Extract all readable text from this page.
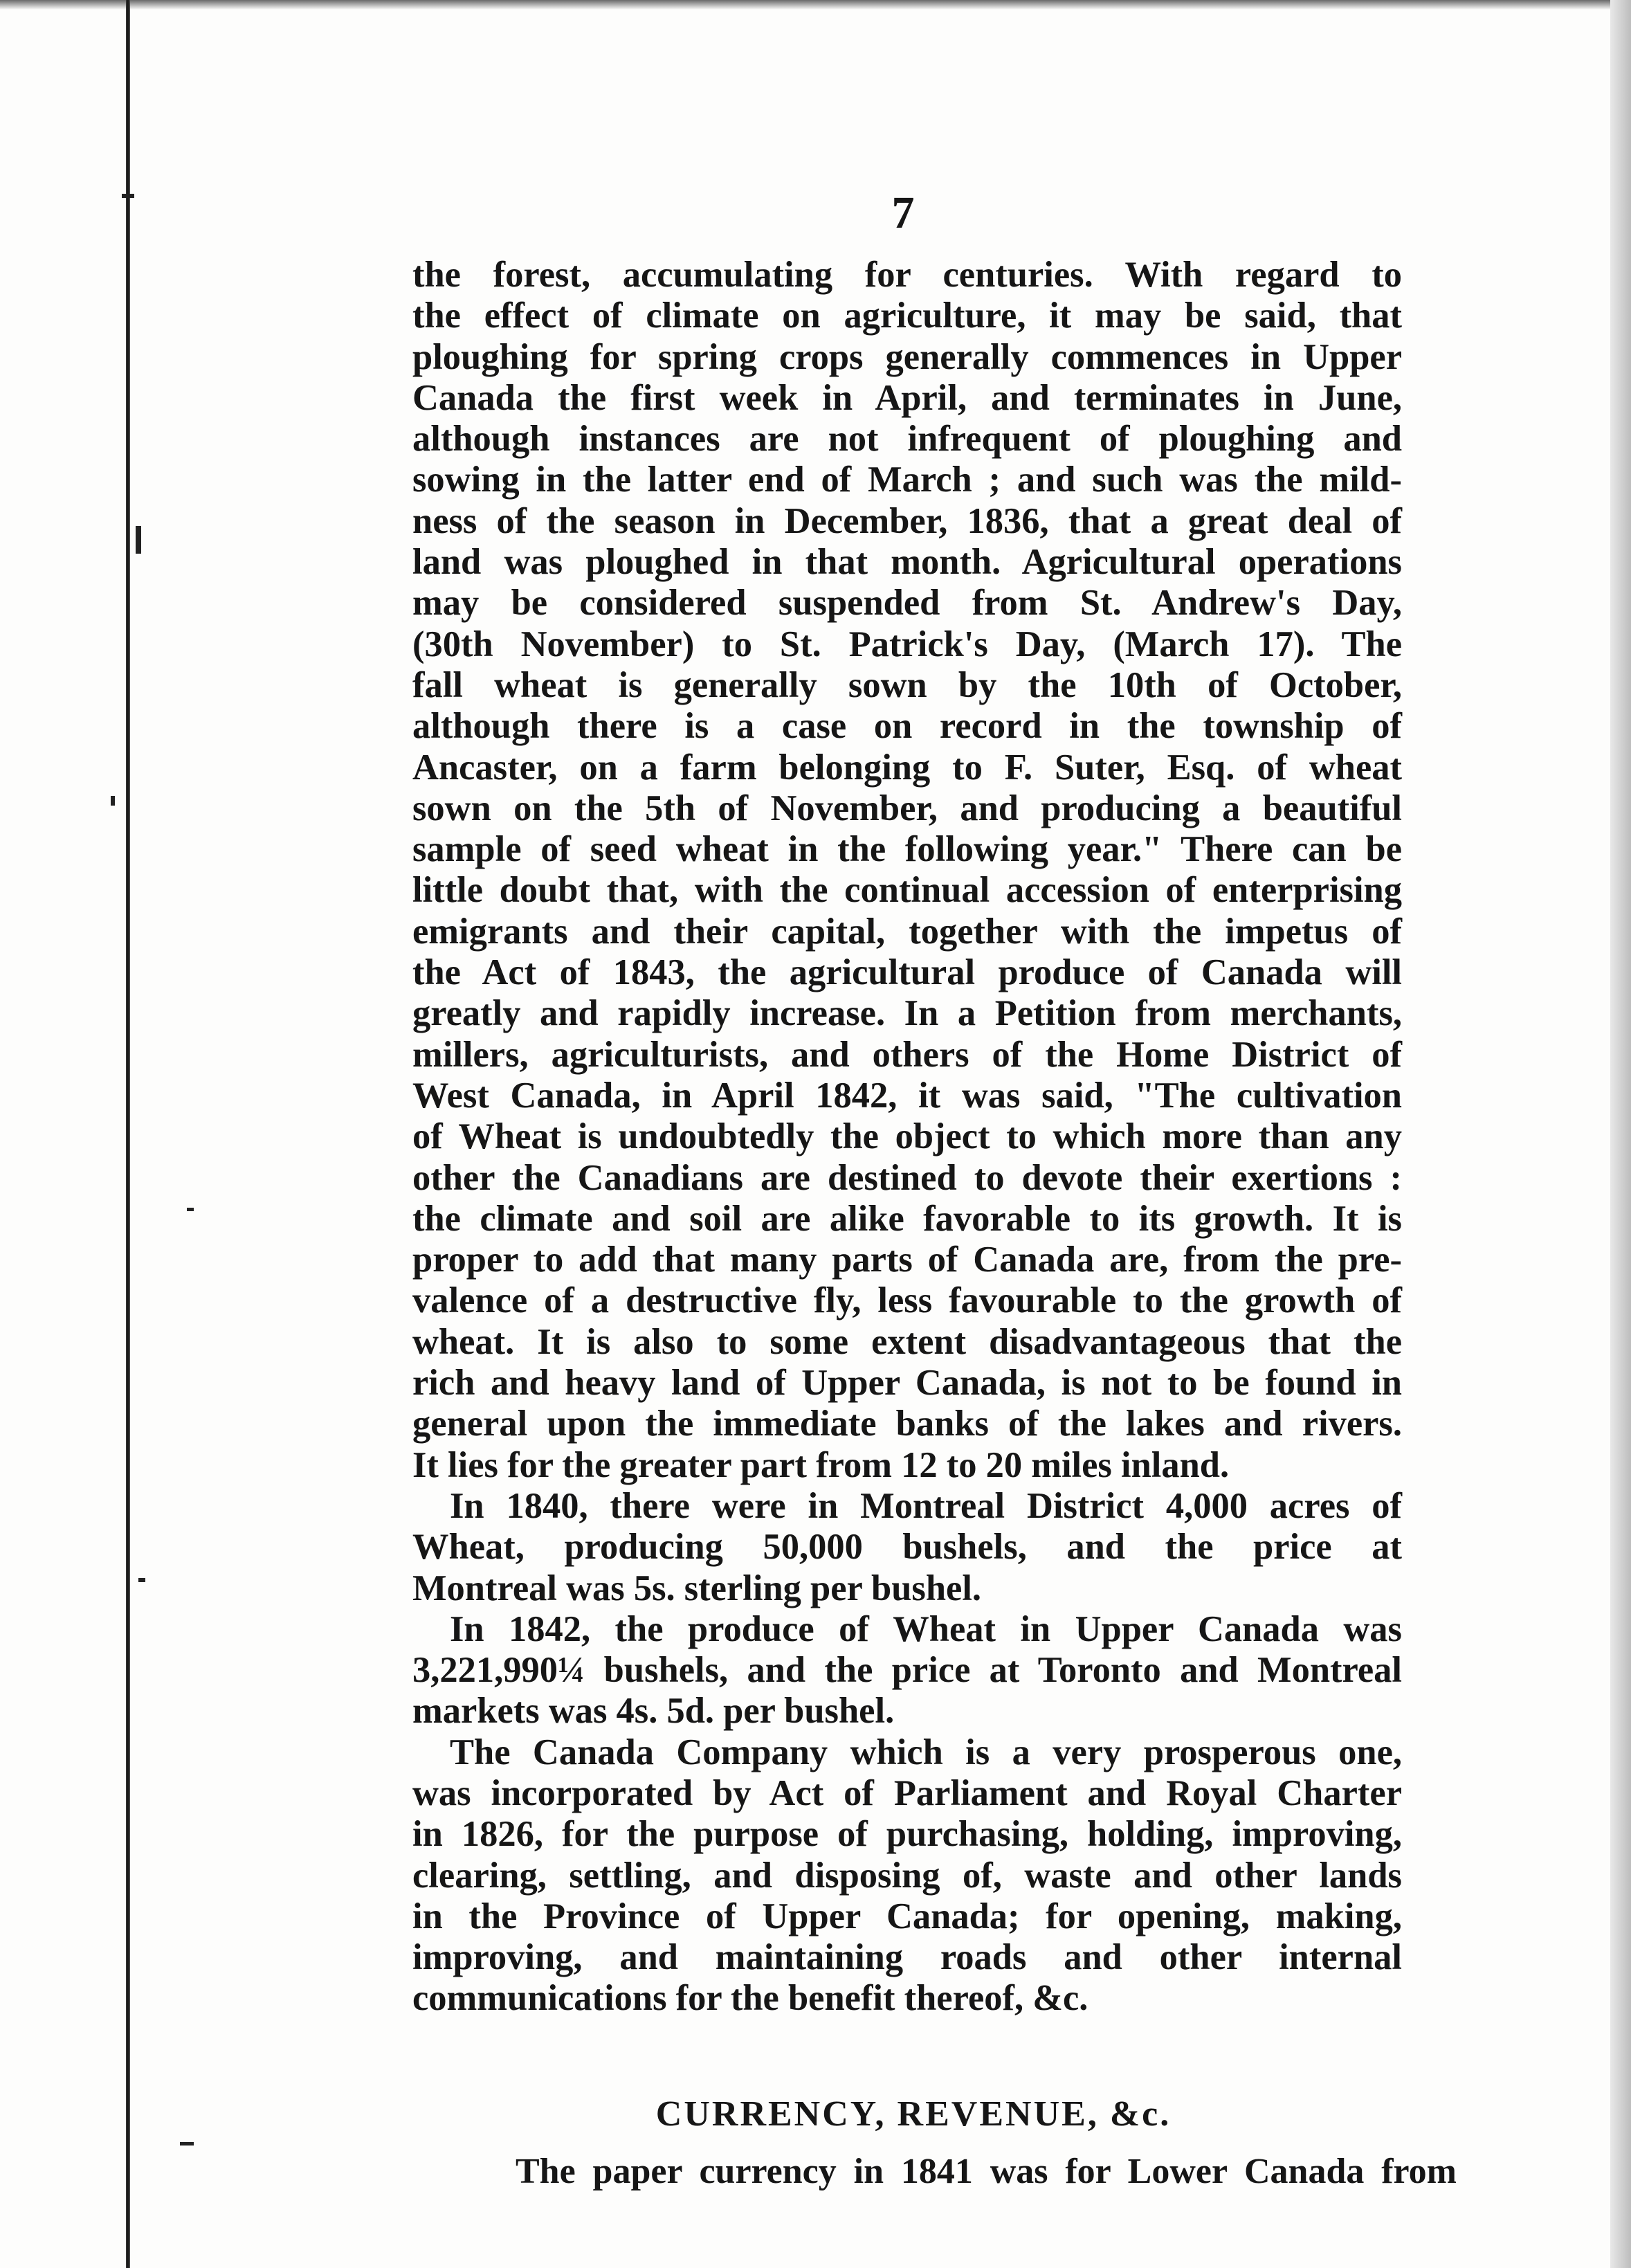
7
the forest, accumulating for centuries. With regard to
the effect of climate on agriculture, it may be said, that
ploughing for spring crops generally commences in Upper
Canada the first week in April, and terminates in June,
although instances are not infrequent of ploughing and
sowing in the latter end of March ; and such was the mild-
ness of the season in December, 1836, that a great deal of
land was ploughed in that month. Agricultural operations
may be considered suspended from St. Andrew's Day,
(30th November) to St. Patrick's Day, (March 17). The
fall wheat is generally sown by the 10th of October,
although there is a case on record in the township of
Ancaster, on a farm belonging to F. Suter, Esq. of wheat
sown on the 5th of November, and producing a beautiful
sample of seed wheat in the following year." There can be
little doubt that, with the continual accession of enterprising
emigrants and their capital, together with the impetus of
the Act of 1843, the agricultural produce of Canada will
greatly and rapidly increase. In a Petition from merchants,
millers, agriculturists, and others of the Home District of
West Canada, in April 1842, it was said, "The cultivation
of Wheat is undoubtedly the object to which more than any
other the Canadians are destined to devote their exertions :
the climate and soil are alike favorable to its growth. It is
proper to add that many parts of Canada are, from the pre-
valence of a destructive fly, less favourable to the growth of
wheat. It is also to some extent disadvantageous that the
rich and heavy land of Upper Canada, is not to be found in
general upon the immediate banks of the lakes and rivers.
It lies for the greater part from 12 to 20 miles inland.
In 1840, there were in Montreal District 4,000 acres of
Wheat, producing 50,000 bushels, and the price at
Montreal was 5s. sterling per bushel.
In 1842, the produce of Wheat in Upper Canada was
3,221,990¼ bushels, and the price at Toronto and Montreal
markets was 4s. 5d. per bushel.
The Canada Company which is a very prosperous one,
was incorporated by Act of Parliament and Royal Charter
in 1826, for the purpose of purchasing, holding, improving,
clearing, settling, and disposing of, waste and other lands
in the Province of Upper Canada; for opening, making,
improving, and maintaining roads and other internal
communications for the benefit thereof, &c.
CURRENCY, REVENUE, &c.
The paper currency in 1841 was for Lower Canada from
